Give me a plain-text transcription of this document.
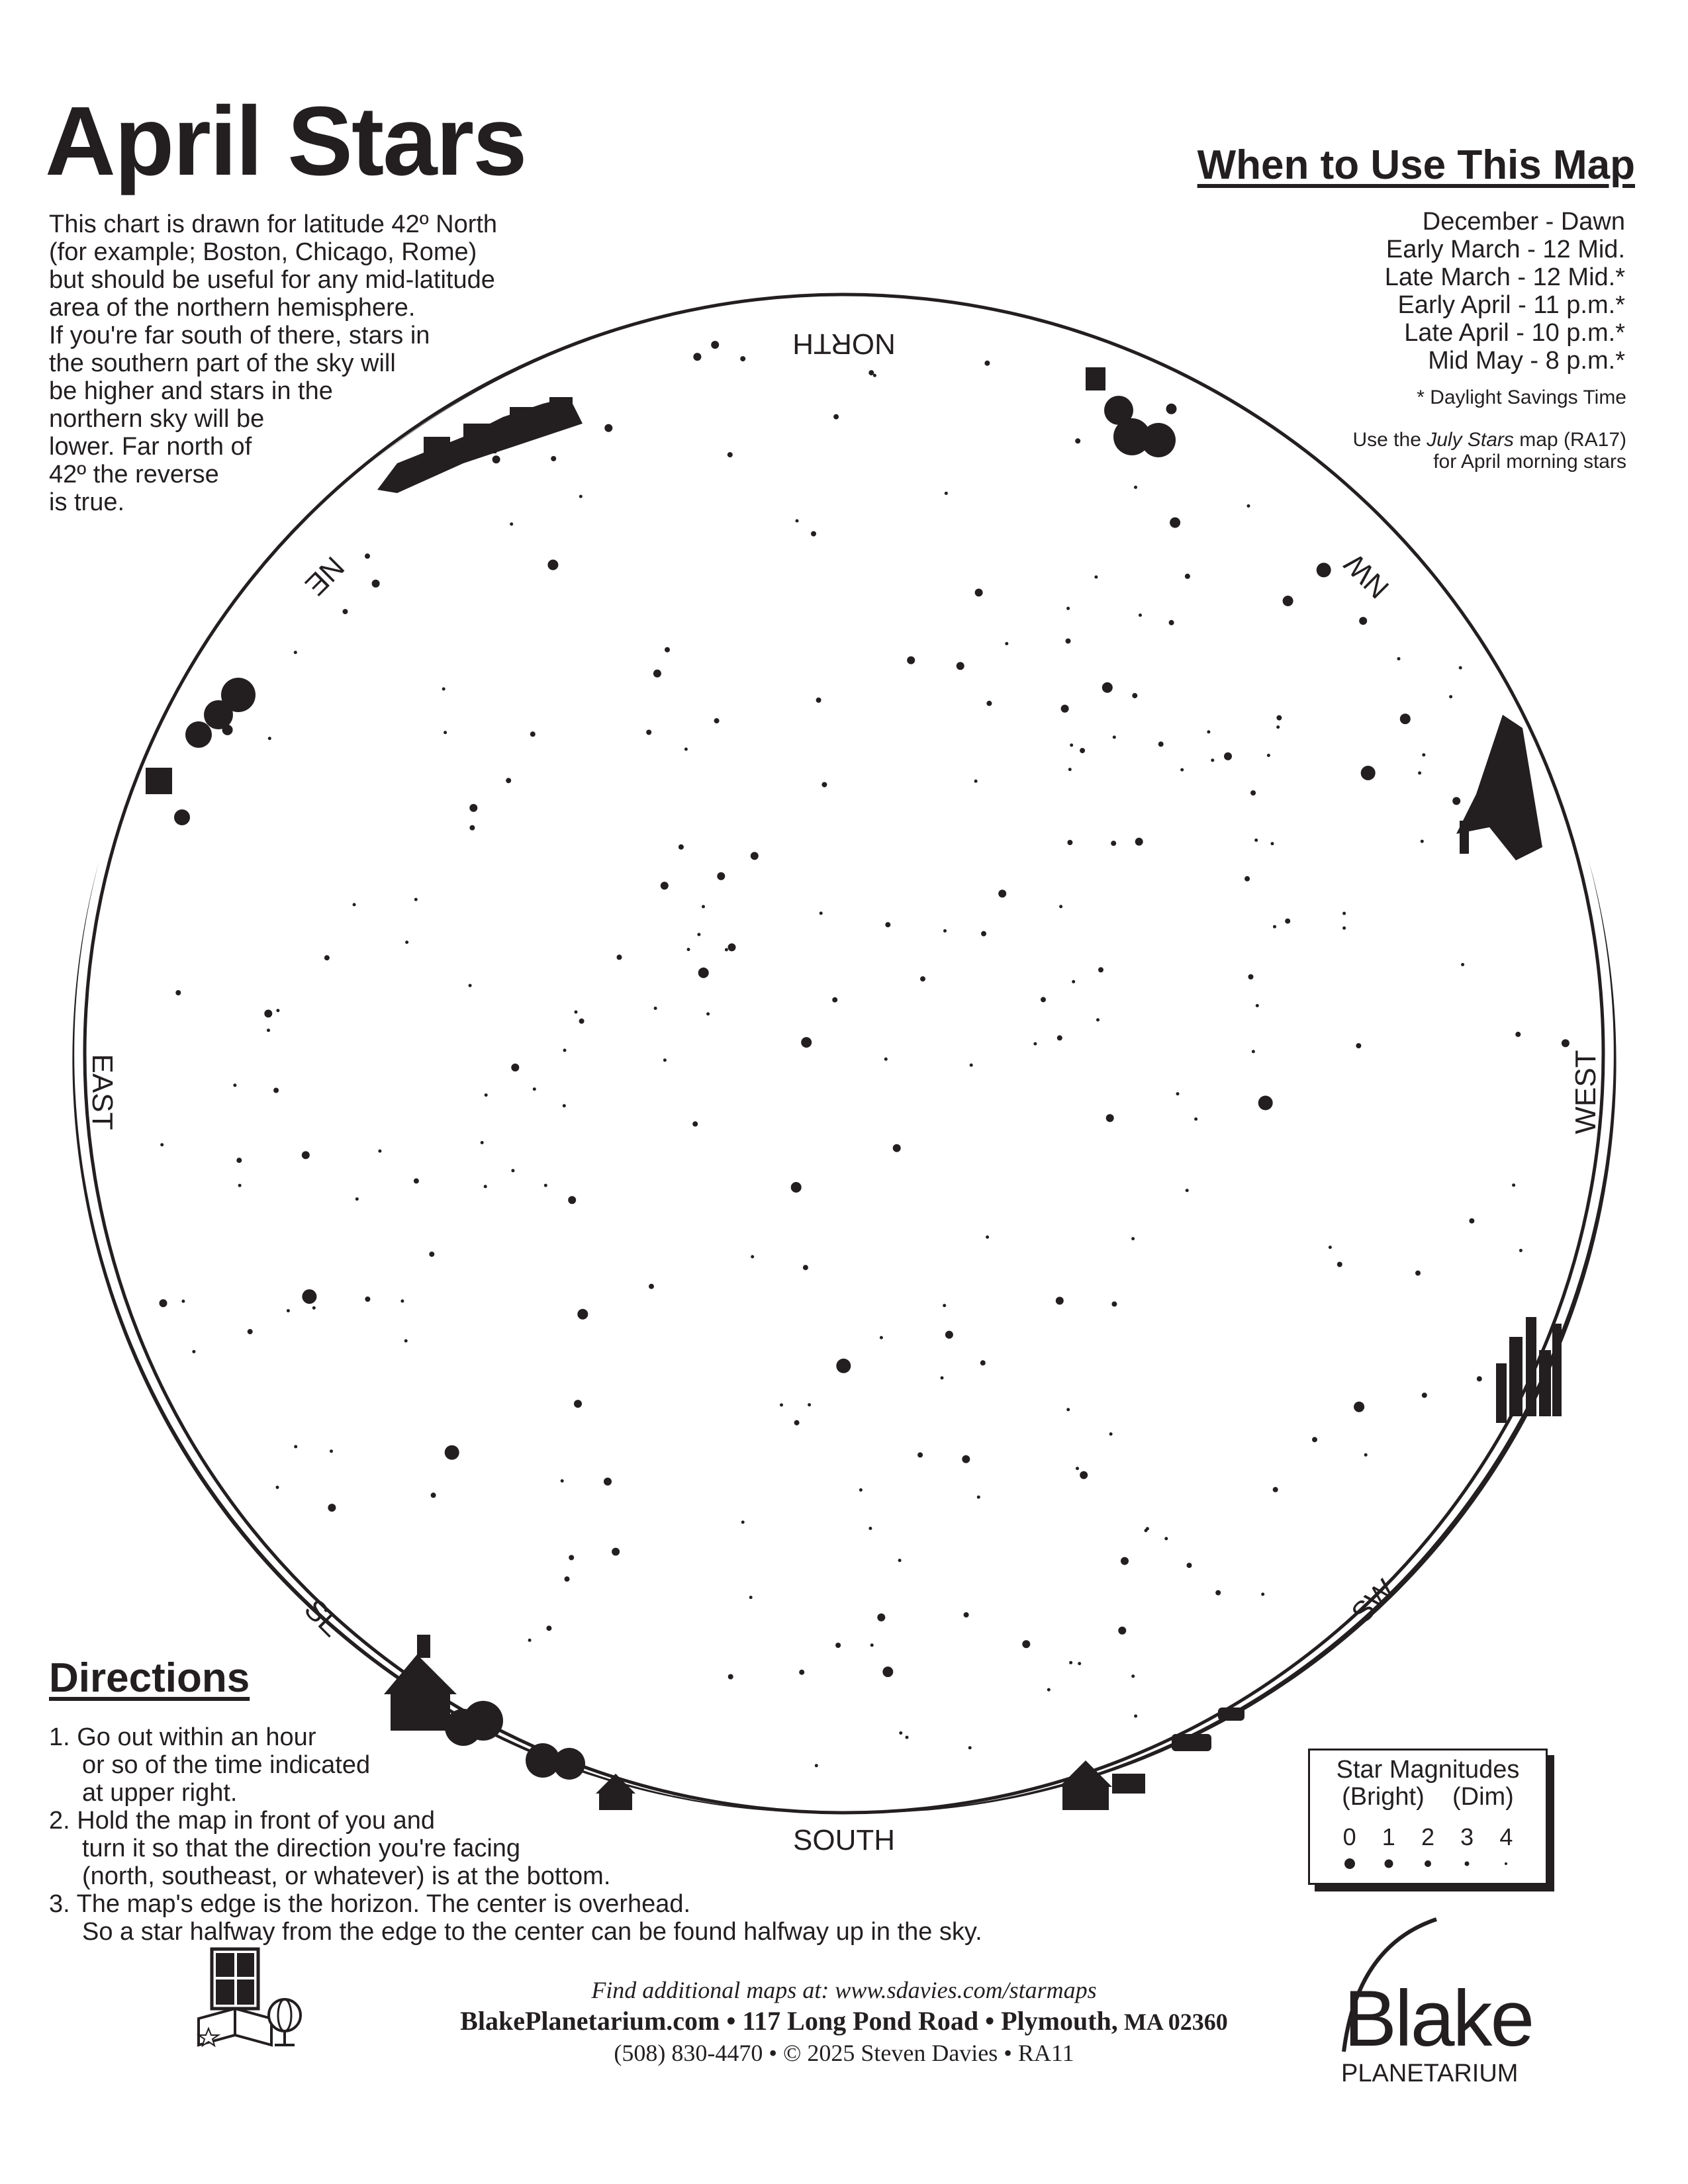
April Stars
This chart is drawn for latitude 42º North
(for example; Boston, Chicago, Rome)
but should be useful for any mid-latitude
area of the northern hemisphere.
If you're far south of there, stars in
the southern part of the sky will
be higher and stars in the
northern sky will be
lower. Far north of
42º the reverse
is true.
When to Use This Map
December - Dawn
Early March - 12 Mid.
Late March - 12 Mid.*
Early April - 11 p.m.*
Late April - 10 p.m.*
Mid May - 8 p.m.*
* Daylight Savings Time
Use the July Stars map (RA17)
for April morning stars
NORTH
SOUTH
EAST	WEST
NE	NW
SE	SW
Directions
1. Go out within an hour
or so of the time indicated
at upper right.
2. Hold the map in front of you and
turn it so that the direction you're facing
(north, southeast, or whatever) is at the bottom.
3. The map's edge is the horizon. The center is overhead.
So a star halfway from the edge to the center can be found halfway up in the sky.
Star Magnitudes
(Bright) (Dim)
0 1 2 3 4
Find additional maps at: www.sdavies.com/starmaps
BlakePlanetarium.com • 117 Long Pond Road • Plymouth, MA 02360
(508) 830-4470 • © 2025 Steven Davies • RA11	Blake
PLANETARIUM
